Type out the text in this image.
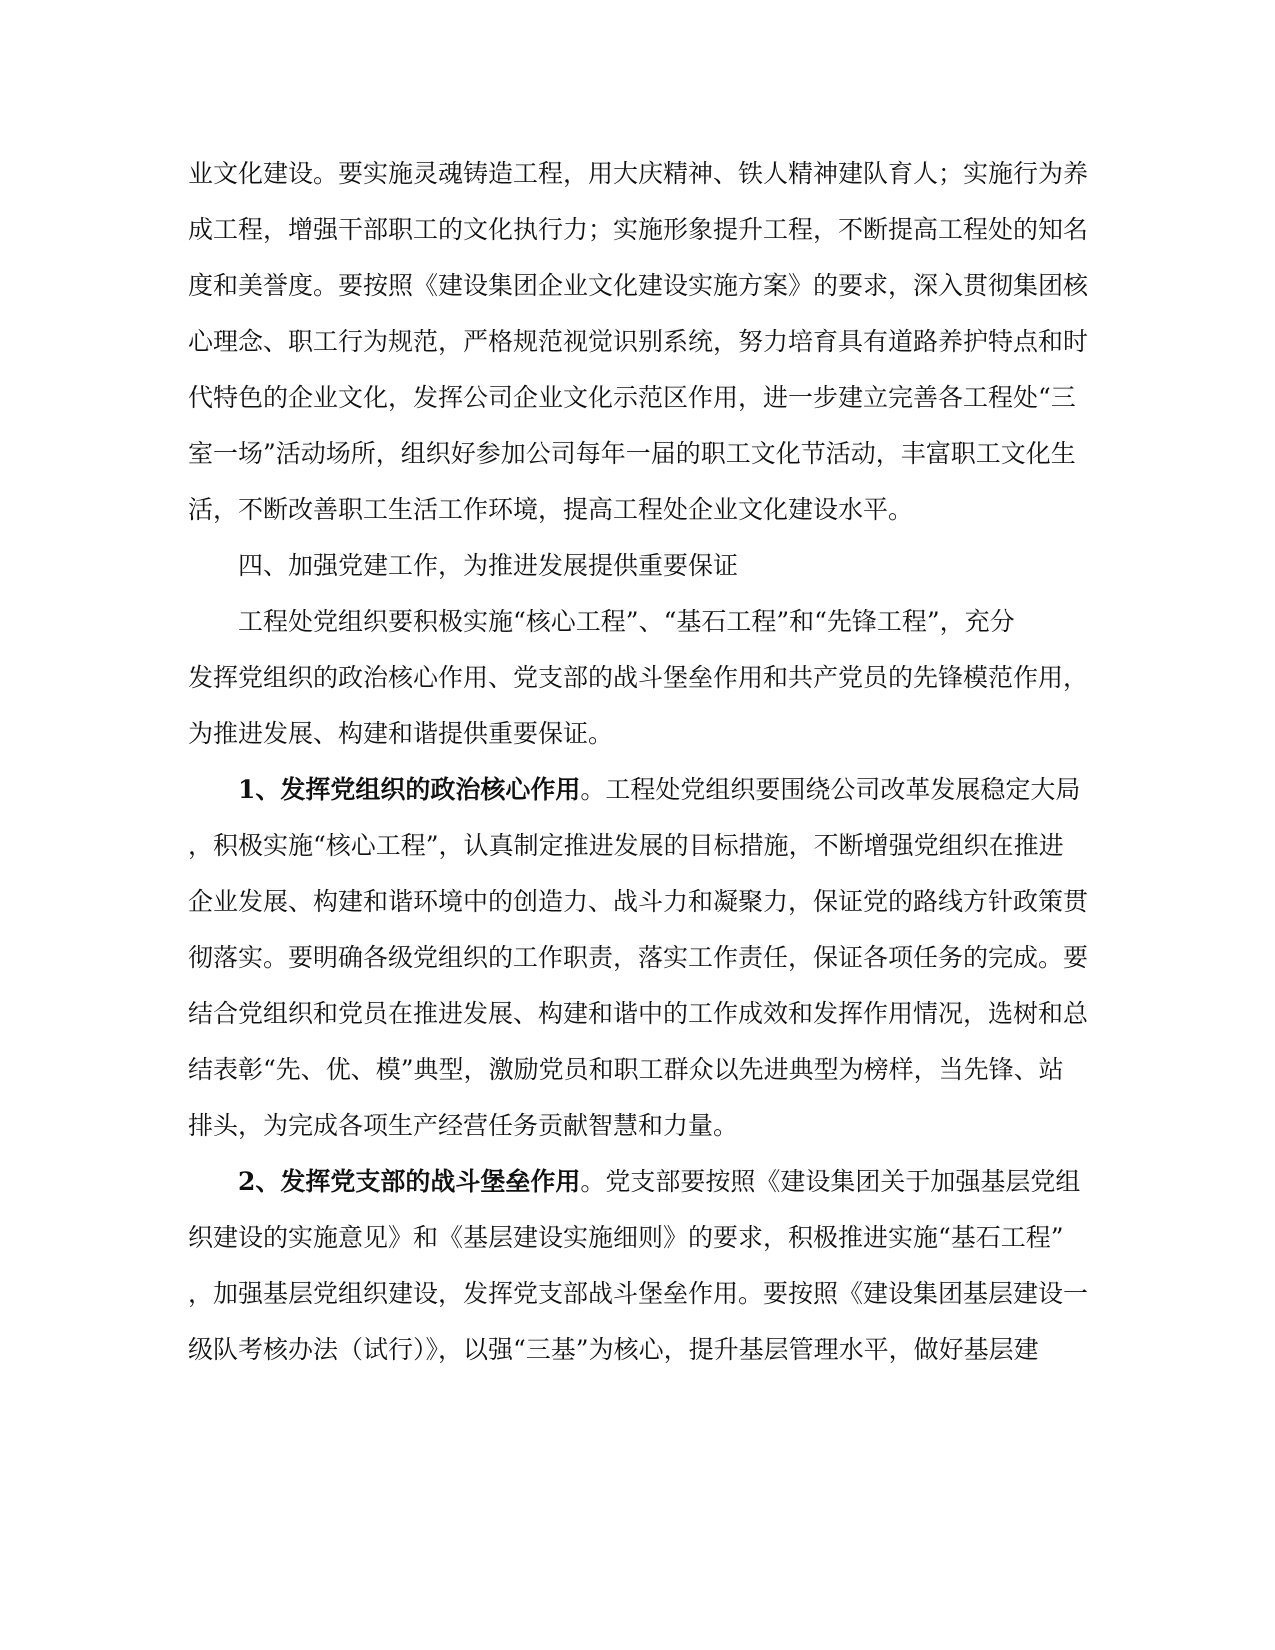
业文化建设。要实施灵魂铸造工程，用大庆精神、铁人精神建队育人；实施行为养
成工程，增强干部职工的文化执行力；实施形象提升工程，不断提高工程处的知名
度和美誉度。要按照《建设集团企业文化建设实施方案》的要求，深入贯彻集团核
心理念、职工行为规范，严格规范视觉识别系统，努力培育具有道路养护特点和时
代特色的企业文化，发挥公司企业文化示范区作用，进一步建立完善各工程处“三
室一场”活动场所，组织好参加公司每年一届的职工文化节活动，丰富职工文化生
活，不断改善职工生活工作环境，提高工程处企业文化建设水平。
四、加强党建工作，为推进发展提供重要保证
工程处党组织要积极实施“核心工程”、“基石工程”和“先锋工程”，充分
发挥党组织的政治核心作用、党支部的战斗堡垒作用和共产党员的先锋模范作用，
为推进发展、构建和谐提供重要保证。
1、发挥党组织的政治核心作用。工程处党组织要围绕公司改革发展稳定大局
，积极实施“核心工程”，认真制定推进发展的目标措施，不断增强党组织在推进
企业发展、构建和谐环境中的创造力、战斗力和凝聚力，保证党的路线方针政策贯
彻落实。要明确各级党组织的工作职责，落实工作责任，保证各项任务的完成。要
结合党组织和党员在推进发展、构建和谐中的工作成效和发挥作用情况，选树和总
结表彰“先、优、模”典型，激励党员和职工群众以先进典型为榜样，当先锋、站
排头，为完成各项生产经营任务贡献智慧和力量。
2、发挥党支部的战斗堡垒作用。党支部要按照《建设集团关于加强基层党组
织建设的实施意见》和《基层建设实施细则》的要求，积极推进实施“基石工程”
，加强基层党组织建设，发挥党支部战斗堡垒作用。要按照《建设集团基层建设一
级队考核办法（试行）》，以强“三基”为核心，提升基层管理水平，做好基层建
